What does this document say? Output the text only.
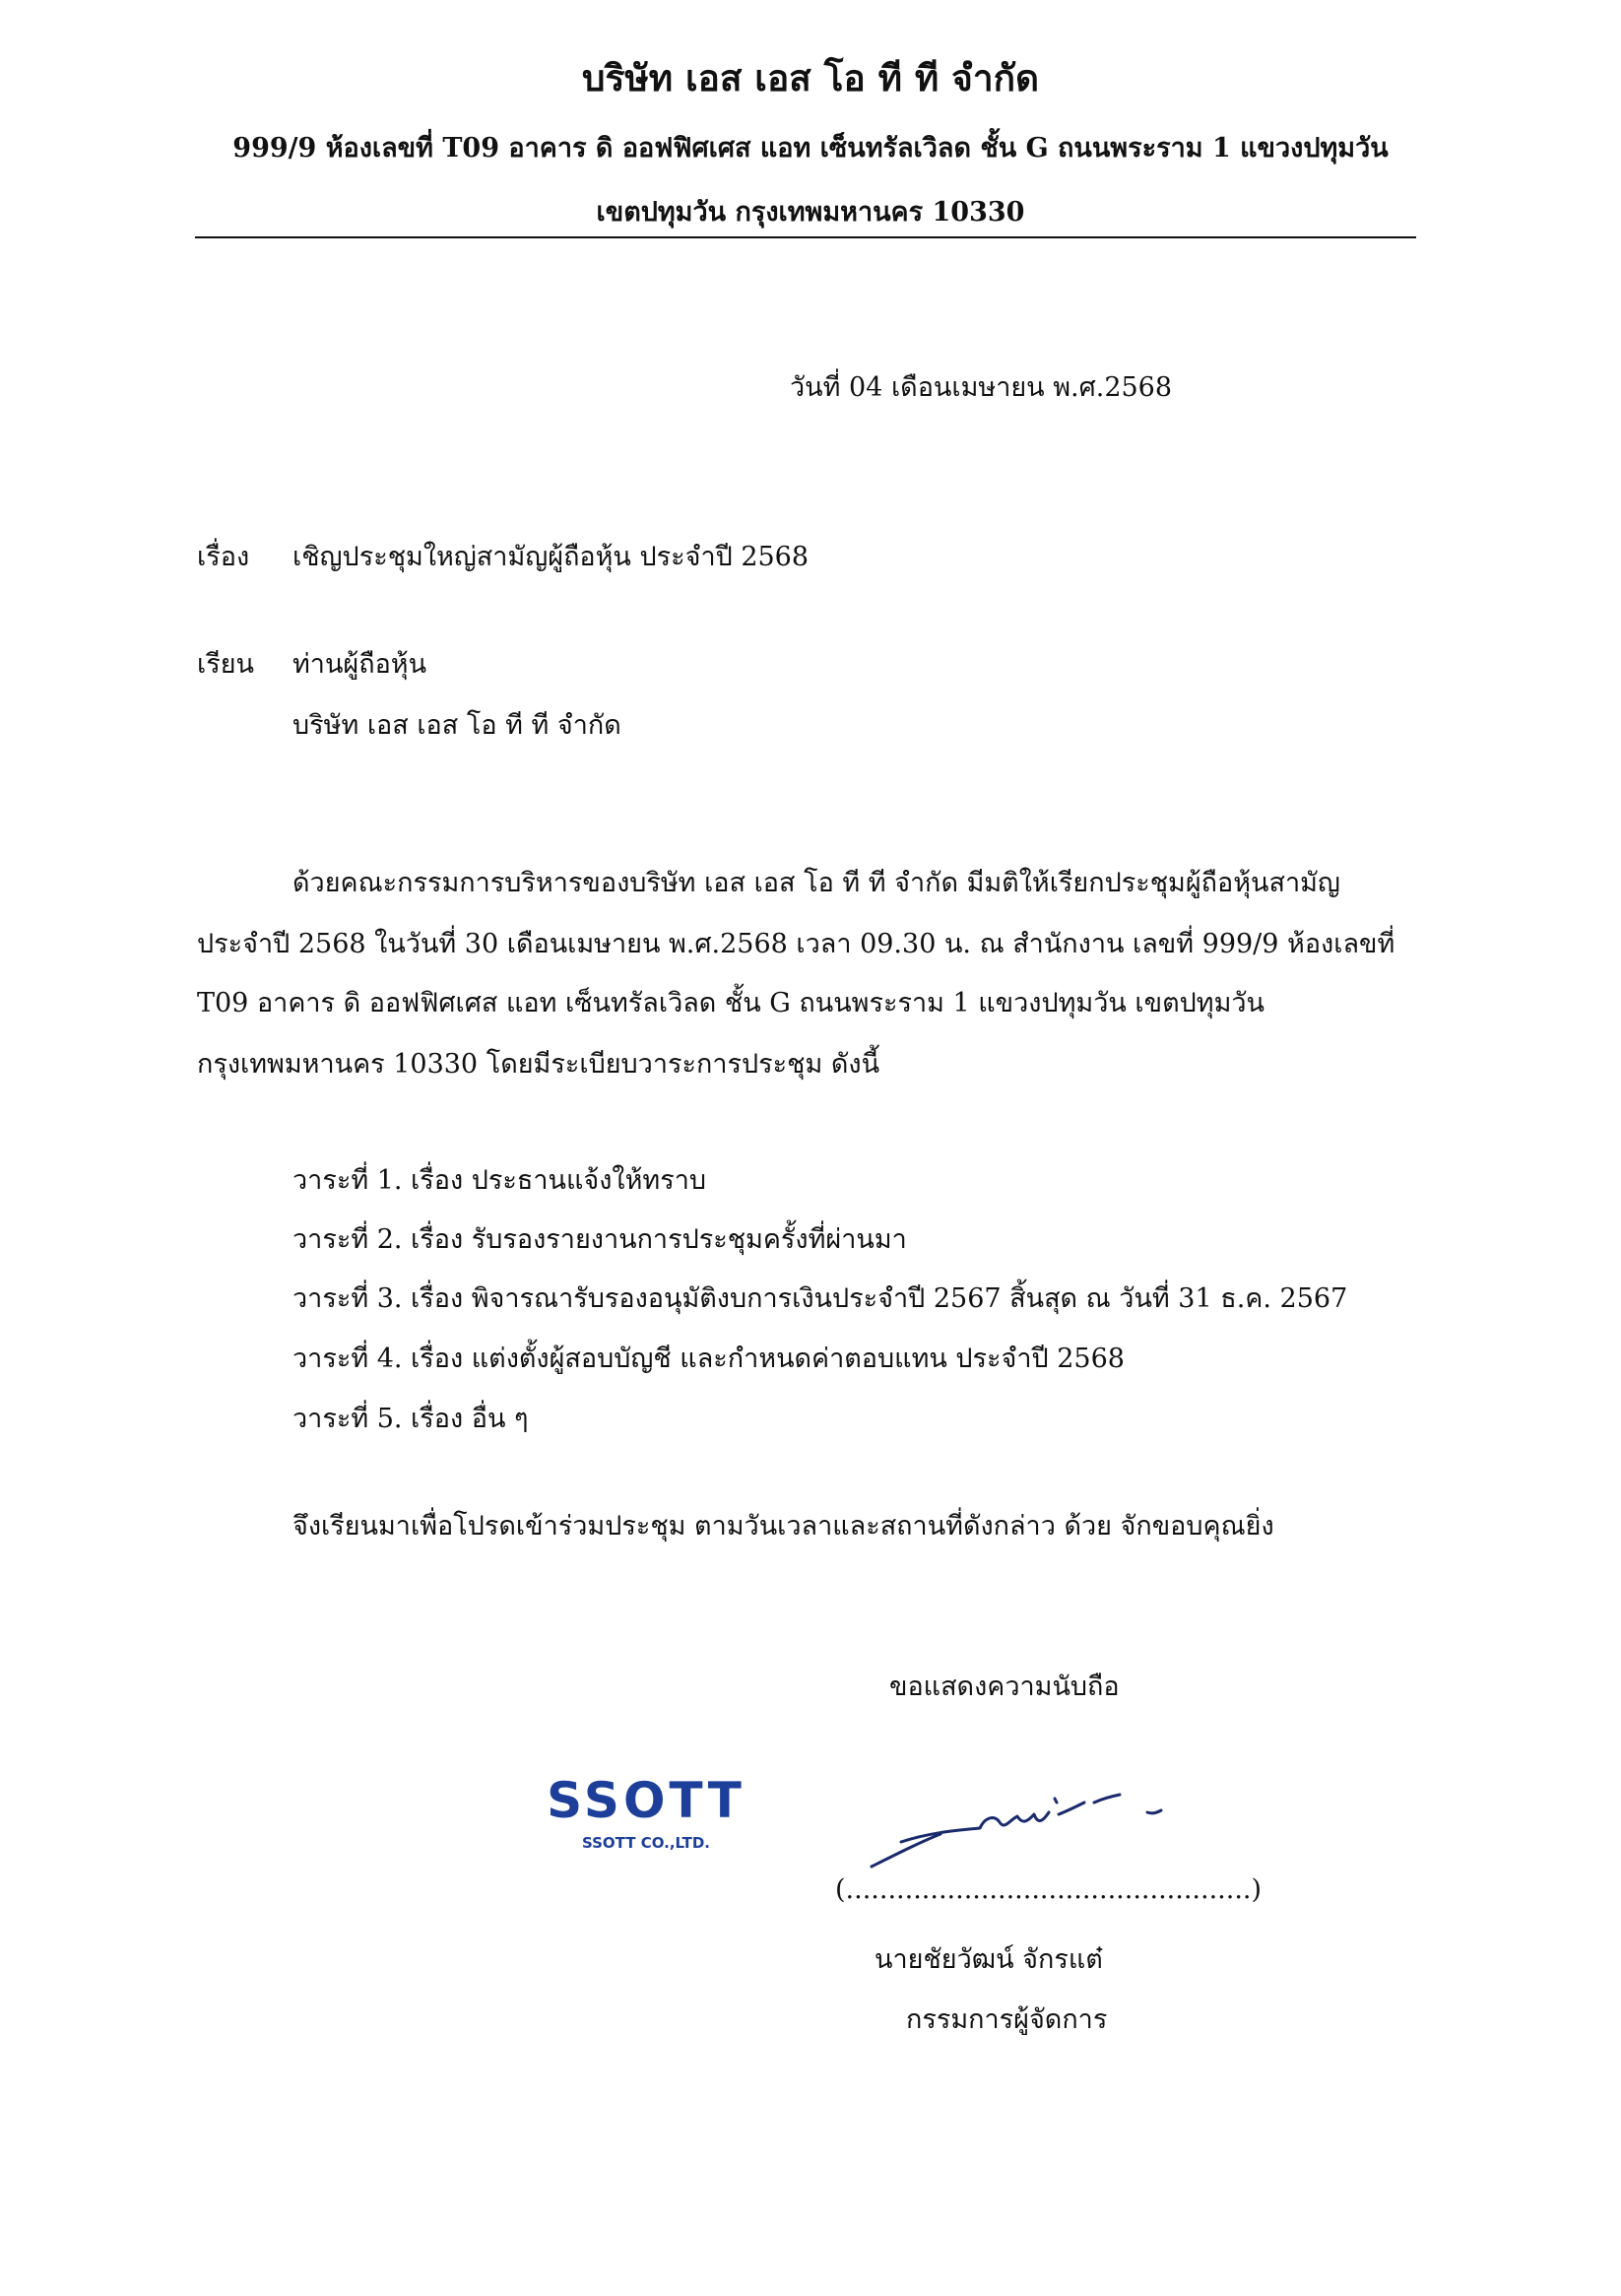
บริษัท เอส เอส โอ ที ที จำกัด
999/9 ห้องเลขที่ T09 อาคาร ดิ ออฟฟิศเศส แอท เซ็นทรัลเวิลด ชั้น G ถนนพระราม 1 แขวงปทุมวัน
เขตปทุมวัน กรุงเทพมหานคร 10330
วันที่ 04 เดือนเมษายน พ.ศ.2568
เรื่อง เชิญประชุมใหญ่สามัญผู้ถือหุ้น ประจำปี 2568
เรียน ท่านผู้ถือหุ้น
บริษัท เอส เอส โอ ที ที จำกัด
ด้วยคณะกรรมการบริหารของบริษัท เอส เอส โอ ที ที จำกัด มีมติให้เรียกประชุมผู้ถือหุ้นสามัญ
ประจำปี 2568 ในวันที่ 30 เดือนเมษายน พ.ศ.2568 เวลา 09.30 น. ณ สำนักงาน เลขที่ 999/9 ห้องเลขที่
T09 อาคาร ดิ ออฟฟิศเศส แอท เซ็นทรัลเวิลด ชั้น G ถนนพระราม 1 แขวงปทุมวัน เขตปทุมวัน
กรุงเทพมหานคร 10330 โดยมีระเบียบวาระการประชุม ดังนี้
วาระที่ 1. เรื่อง ประธานแจ้งให้ทราบ
วาระที่ 2. เรื่อง รับรองรายงานการประชุมครั้งที่ผ่านมา
วาระที่ 3. เรื่อง พิจารณารับรองอนุมัติงบการเงินประจำปี 2567 สิ้นสุด ณ วันที่ 31 ธ.ค. 2567
วาระที่ 4. เรื่อง แต่งตั้งผู้สอบบัญชี และกำหนดค่าตอบแทน ประจำปี 2568
วาระที่ 5. เรื่อง อื่น ๆ
จึงเรียนมาเพื่อโปรดเข้าร่วมประชุม ตามวันเวลาและสถานที่ดังกล่าว ด้วย จักขอบคุณยิ่ง
ขอแสดงความนับถือ
SSOTT
SSOTT CO.,LTD.
(................................................)
นายชัยวัฒน์ จักรแต๋
กรรมการผู้จัดการ
